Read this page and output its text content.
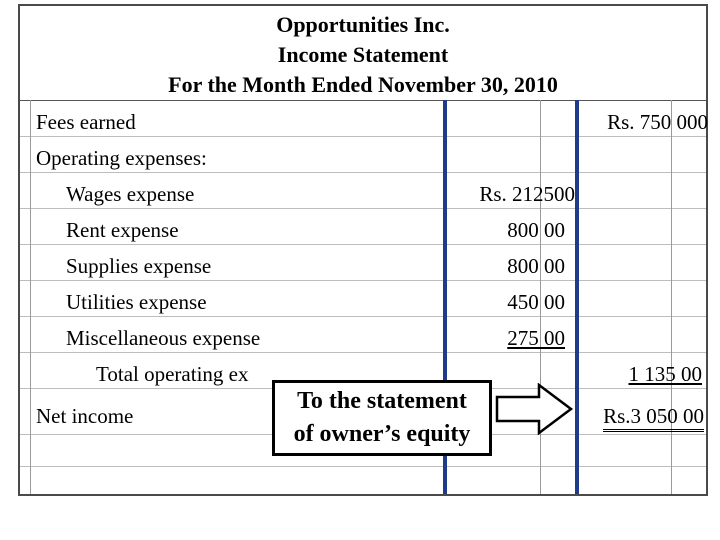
Opportunities Inc.
Income Statement
For the Month Ended November 30, 2010
Fees earned	Rs. 750 000
Operating expenses:
Wages expense	Rs. 212500
Rent expense	800 00
Supplies expense	800 00
Utilities expense	450 00
Miscellaneous expense	275 00
Total operating ex	1 135 00
Net income	Rs.3 050 00
To the statement
of owner’s equity
